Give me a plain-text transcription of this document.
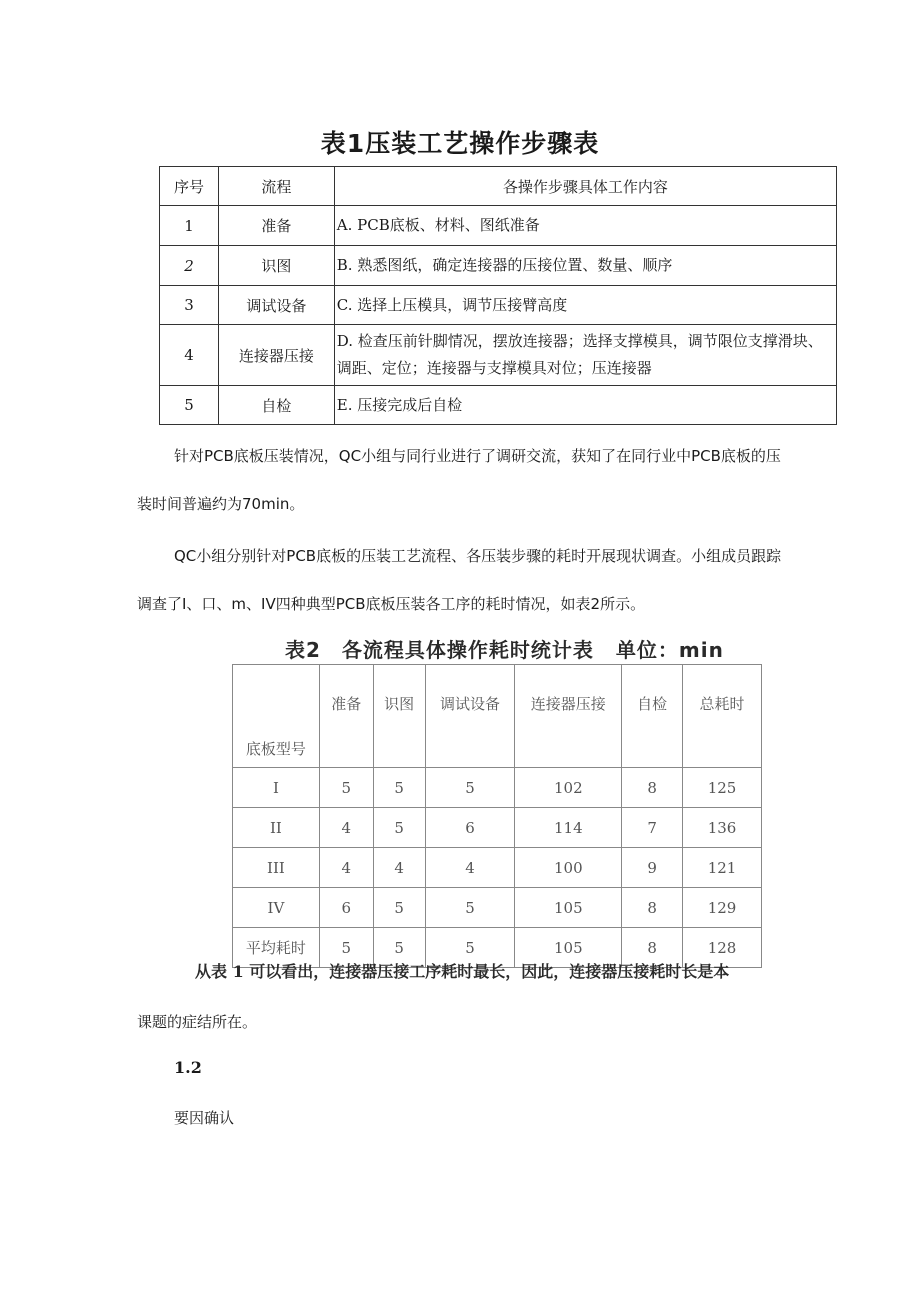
表1压装工艺操作步骤表
序号	流程	各操作步骤具体工作内容
1	准备	A. PCB底板、材料、图纸准备
2	识图	B. 熟悉图纸，确定连接器的压接位置、数量、顺序
3	调试设备	C. 选择上压模具，调节压接臂高度
4	连接器压接	D. 检查压前针脚情况，摆放连接器；选择支撑模具，调节限位支撑滑块、调距、定位；连接器与支撑模具对位；压连接器
5	自检	E. 压接完成后自检
针对PCB底板压装情况，QC小组与同行业进行了调研交流，获知了在同行业中PCB底板的压
装时间普遍约为70min。
QC小组分别针对PCB底板的压装工艺流程、各压装步骤的耗时开展现状调查。小组成员跟踪
调查了I、口、m、IV四种典型PCB底板压装各工序的耗时情况，如表2所示。
表2　各流程具体操作耗时统计表 单位：min
底板型号	准备	识图	调试设备	连接器压接	自检	总耗时
I	5	5	5	102	8	125
II	4	5	6	114	7	136
III	4	4	4	100	9	121
IV	6	5	5	105	8	129
平均耗时	5	5	5	105	8	128
从表 1 可以看出，连接器压接工序耗时最长，因此，连接器压接耗时长是本
课题的症结所在。
1.2
要因确认
